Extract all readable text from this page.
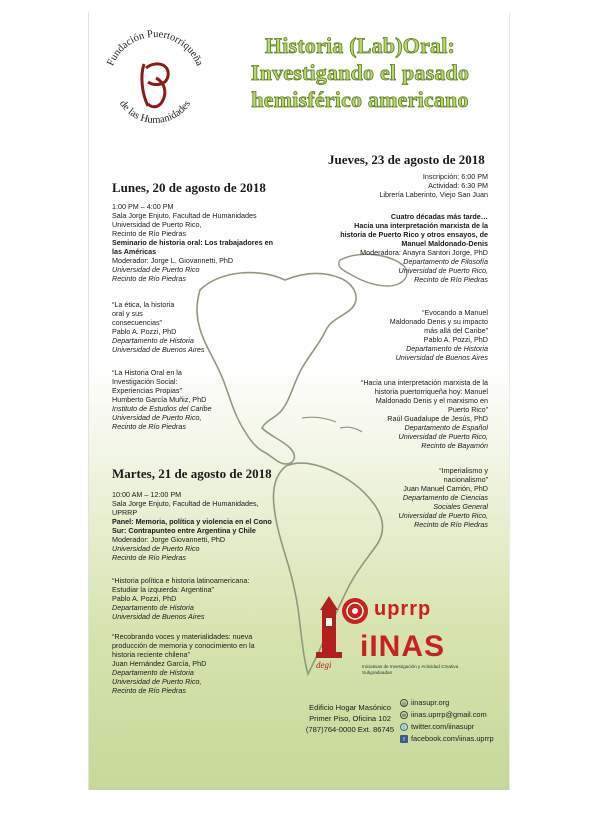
Fundación Puertorriqueña
de las Humanidades
Historia (Lab)Oral:
Investigando el pasado
hemisférico americano
Jueves, 23 de agosto de 2018
Inscripción: 6:00 PM
Actividad: 6:30 PM
Librería Laberinto, Viejo San Juan
Cuatro décadas más tarde…
Hacia una interpretación marxista de la
historia de Puerto Rico y otros ensayos, de
Manuel Maldonado-Denis
Moderadora: Anayra Santori Jorge, PhD
Departamento de Filosofía
Universidad de Puerto Rico,
Recinto de Río Piedras
“Evocando a Manuel
Maldonado Denis y su impacto
más allá del Caribe”
Pablo A. Pozzi, PhD
Departamento de Historia
Universidad de Buenos Aires
“Hacia una interpretación marxista de la
historia puertorriqueña hoy: Manuel
Maldonado Denis y el marxismo en
Puerto Rico”
Raúl Guadalupe de Jesús, PhD
Departamento de Español
Universidad de Puerto Rico,
Recinto de Bayamón
“Imperialismo y
nacionalismo”
Juan Manuel Carrión, PhD
Departamento de Ciencias
Sociales General
Universidad de Puerto Rico,
Recinto de Río Piedras
Lunes, 20 de agosto de 2018
1:00 PM – 4:00 PM
Sala Jorge Enjuto, Facultad de Humanidades
Universidad de Puerto Rico,
Recinto de Río Piedras
Seminario de historia oral: Los trabajadores en
las Américas
Moderador: Jorge L. Giovannetti, PhD
Universidad de Puerto Rico
Recinto de Río Piedras
“La ética, la historia
oral y sus
consecuencias”
Pablo A. Pozzi, PhD
Departamento de Historia
Universidad de Buenos Aires
“La Historia Oral en la
Investigación Social:
Experiencias Propias”
Humberto García Muñiz, PhD
Instituto de Estudios del Caribe
Universidad de Puerto Rico,
Recinto de Río Piedras
Martes, 21 de agosto de 2018
10:00 AM – 12:00 PM
Sala Jorge Enjuto, Facultad de Humanidades,
UPRRP
Panel: Memoria, política y violencia en el Cono
Sur: Contrapunteo entre Argentina y Chile
Moderador: Jorge Giovannetti, PhD
Universidad de Puerto Rico
Recinto de Río Piedras
“Historia política e historia latinoamericana:
Estudiar la izquierda: Argentina”
Pablo A. Pozzi, PhD
Departamento de Historia
Universidad de Buenos Aires
“Recobrando voces y materialidades: nueva
producción de memoria y conocimiento en la
historia reciente chilena”
Juan Hernández García, PhD
Departamento de Historia
Universidad de Puerto Rico,
Recinto de Río Piedras
uprrp
degi
iINAS
Iniciativas de Investigación y Actividad Creativa Subgraduadas
Edificio Hogar Masónico
Primer Piso, Oficina 102
(787)764-0000 Ext. 86745
◎ iinasupr.org
✉ iinas.uprrp@gmail.com
t twitter.com/iinasupr
f facebook.com/iinas.uprrp
